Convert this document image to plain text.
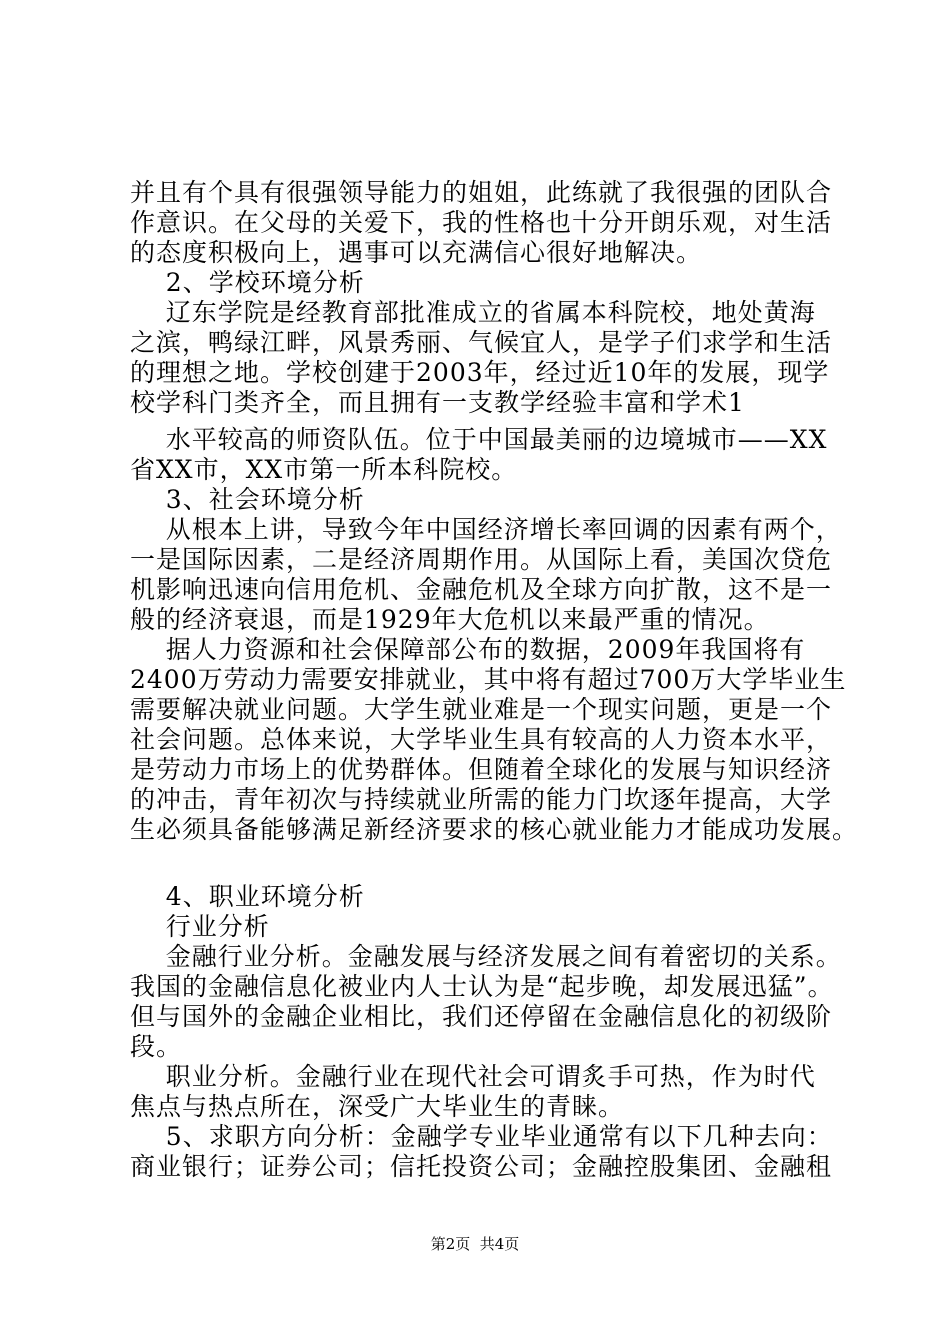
并且有个具有很强领导能力的姐姐，此练就了我很强的团队合
作意识。在父母的关爱下，我的性格也十分开朗乐观，对生活
的态度积极向上，遇事可以充满信心很好地解决。
2、学校环境分析
辽东学院是经教育部批准成立的省属本科院校，地处黄海
之滨，鸭绿江畔，风景秀丽、气候宜人，是学子们求学和生活
的理想之地。学校创建于2003年，经过近10年的发展，现学
校学科门类齐全，而且拥有一支教学经验丰富和学术1
水平较高的师资队伍。位于中国最美丽的边境城市——XX
省XX市，XX市第一所本科院校。
3、社会环境分析
从根本上讲，导致今年中国经济增长率回调的因素有两个，
一是国际因素，二是经济周期作用。从国际上看，美国次贷危
机影响迅速向信用危机、金融危机及全球方向扩散，这不是一
般的经济衰退，而是1929年大危机以来最严重的情况。
据人力资源和社会保障部公布的数据，2009年我国将有
2400万劳动力需要安排就业，其中将有超过700万大学毕业生
需要解决就业问题。大学生就业难是一个现实问题，更是一个
社会问题。总体来说，大学毕业生具有较高的人力资本水平，
是劳动力市场上的优势群体。但随着全球化的发展与知识经济
的冲击，青年初次与持续就业所需的能力门坎逐年提高，大学
生必须具备能够满足新经济要求的核心就业能力才能成功发展。
4、职业环境分析
行业分析
金融行业分析。金融发展与经济发展之间有着密切的关系。
我国的金融信息化被业内人士认为是“起步晚，却发展迅猛”。
但与国外的金融企业相比，我们还停留在金融信息化的初级阶
段。
职业分析。金融行业在现代社会可谓炙手可热，作为时代
焦点与热点所在，深受广大毕业生的青睐。
5、求职方向分析：金融学专业毕业通常有以下几种去向：
商业银行；证券公司；信托投资公司；金融控股集团、金融租
第2页  共4页
